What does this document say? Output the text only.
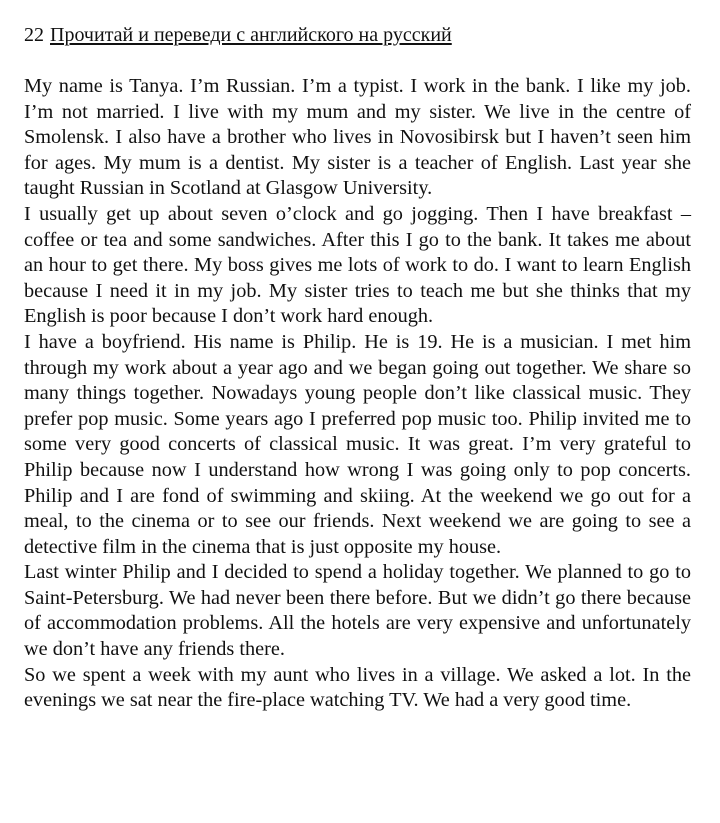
22 Прочитай и переведи с английского на русский

My name is Tanya. I’m Russian. I’m a typist. I work in the bank. I like my job. I’m not married. I live with my mum and my sister. We live in the centre of Smolensk. I also have a brother who lives in Novosibirsk but I haven’t seen him for ages. My mum is a dentist. My sister is a teacher of English. Last year she taught Russian in Scotland at Glasgow University.

I usually get up about seven o’clock and go jogging. Then I have breakfast – coffee or tea and some sandwiches. After this I go to the bank. It takes me about an hour to get there. My boss gives me lots of work to do. I want to learn English because I need it in my job. My sister tries to teach me but she thinks that my English is poor because I don’t work hard enough.

I have a boyfriend. His name is Philip. He is 19. He is a musician. I met him through my work about a year ago and we began going out together. We share so many things together. Nowadays young people don’t like classical music. They prefer pop music. Some years ago I preferred pop music too. Philip invited me to some very good concerts of classical music. It was great. I’m very grateful to Philip because now I understand how wrong I was going only to pop concerts. Philip and I are fond of swimming and skiing. At the weekend we go out for a meal, to the cinema or to see our friends. Next weekend we are going to see a detective film in the cinema that is just opposite my house.

Last winter Philip and I decided to spend a holiday together. We planned to go to Saint-Petersburg. We had never been there before. But we didn’t go there because of accommodation problems. All the hotels are very expensive and unfortunately we don’t have any friends there.

So we spent a week with my aunt who lives in a village. We asked a lot. In the evenings we sat near the fire-place watching TV. We had a very good time.
